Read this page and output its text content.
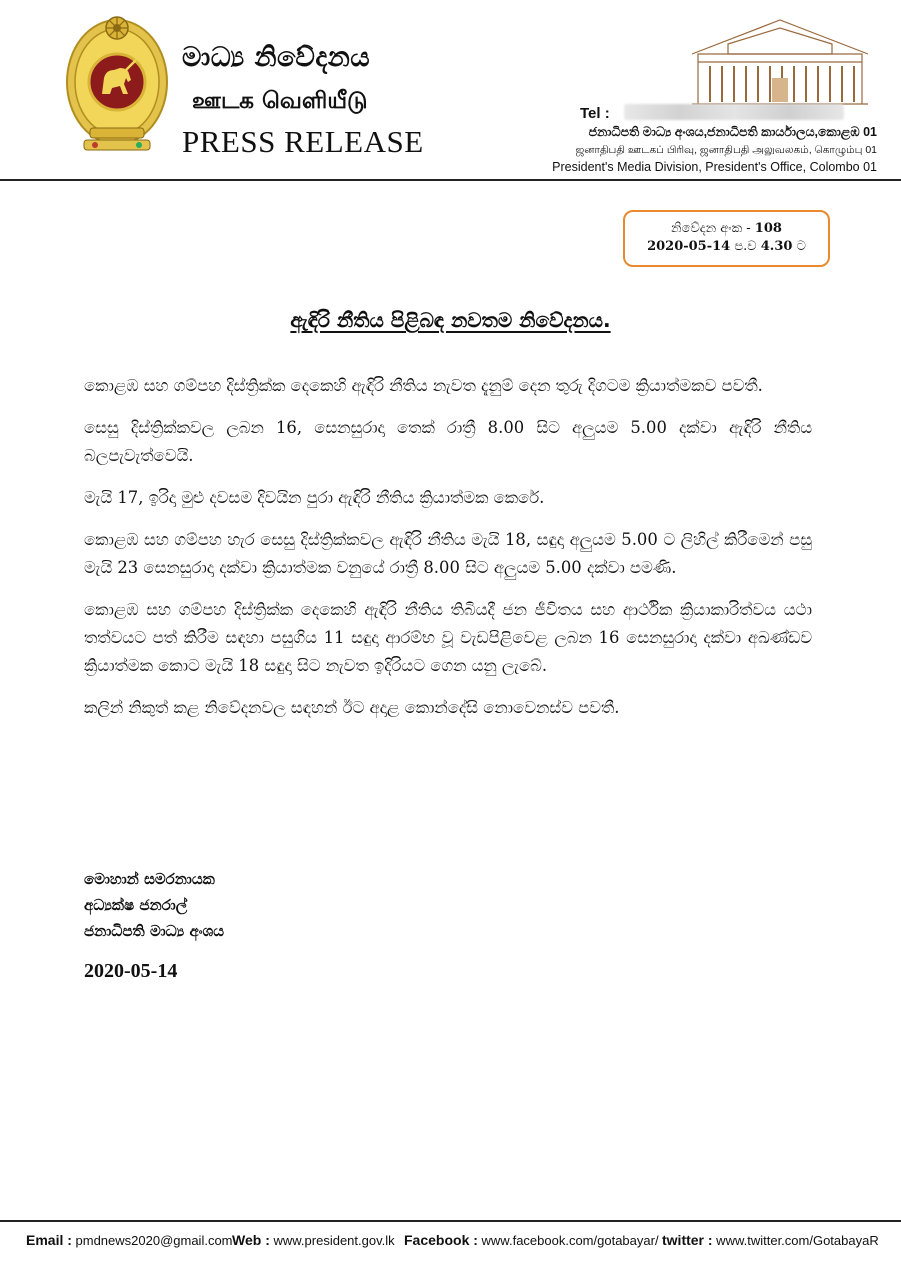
මාධ්‍ය නිවේදනය
ஊடக வெளியீடு
PRESS RELEASE
Tel :
ජනාධිපති මාධ්‍ය අංශය,ජනාධිපති කාර්යාලය,කොළඹ 01
ஜனாதிபதி ஊடகப் பிரிவு, ஜனாதிபதி அலுவலகம், கொழும்பு 01
President's Media Division, President's Office, Colombo 01
නිවේදන අංක - 108
2020-05-14 ප.ව 4.30 ට
ඇඳිරි නීතිය පිළිබඳ නවතම නිවේදනය.

කොළඹ සහ ගම්පහ දිස්ත්‍රික්ක දෙකෙහි ඇඳිරි නීතිය නැවත දැනුම් දෙන තුරු දිගටම ක්‍රියාත්මකව පවතී.

සෙසු දිස්ත්‍රික්කවල ලබන 16, සෙනසුරාදා තෙක් රාත්‍රී 8.00 සිට අලුයම 5.00 දක්වා ඇඳිරි නීතිය බලපැවැත්වෙයි.

මැයි 17, ඉරිදා මුළු දවසම දිවයින පුරා ඇඳිරි නීතිය ක්‍රියාත්මක කෙරේ.

කොළඹ සහ ගම්පහ හැර සෙසු දිස්ත්‍රික්කවල ඇඳිරි නීතිය මැයි 18, සඳුදා අලුයම 5.00 ට ලිහිල් කිරීමෙන් පසු මැයි 23 සෙනසුරාදා දක්වා ක්‍රියාත්මක වනුයේ රාත්‍රී 8.00 සිට අලුයම 5.00 දක්වා පමණි.

කොළඹ සහ ගම්පහ දිස්ත්‍රික්ක දෙකෙහි ඇඳිරි නීතිය තිබියදී ජන ජීවිතය සහ ආර්ථික ක්‍රියාකාරිත්වය යථා තත්වයට පත් කිරීම සඳහා පසුගිය 11 සඳුදා ආරම්භ වූ වැඩපිළිවෙළ ලබන 16 සෙනසුරාදා දක්වා අඛණ්ඩව ක්‍රියාත්මක කොට මැයි 18 සඳුදා සිට නැවත ඉදිරියට ගෙන යනු ලැබේ.

කලින් නිකුත් කළ නිවේදනවල සඳහන් ඊට අදාළ කොන්දේසි නොවෙනස්ව පවතී.

මොහාන් සමරනායක
අධ්‍යක්ෂ ජනරාල්
ජනාධිපති මාධ්‍ය අංශය
2020-05-14
Email : pmdnews2020@gmail.com Web : www.president.gov.lk Facebook : www.facebook.com/gotabayar/ twitter : www.twitter.com/GotabayaR
